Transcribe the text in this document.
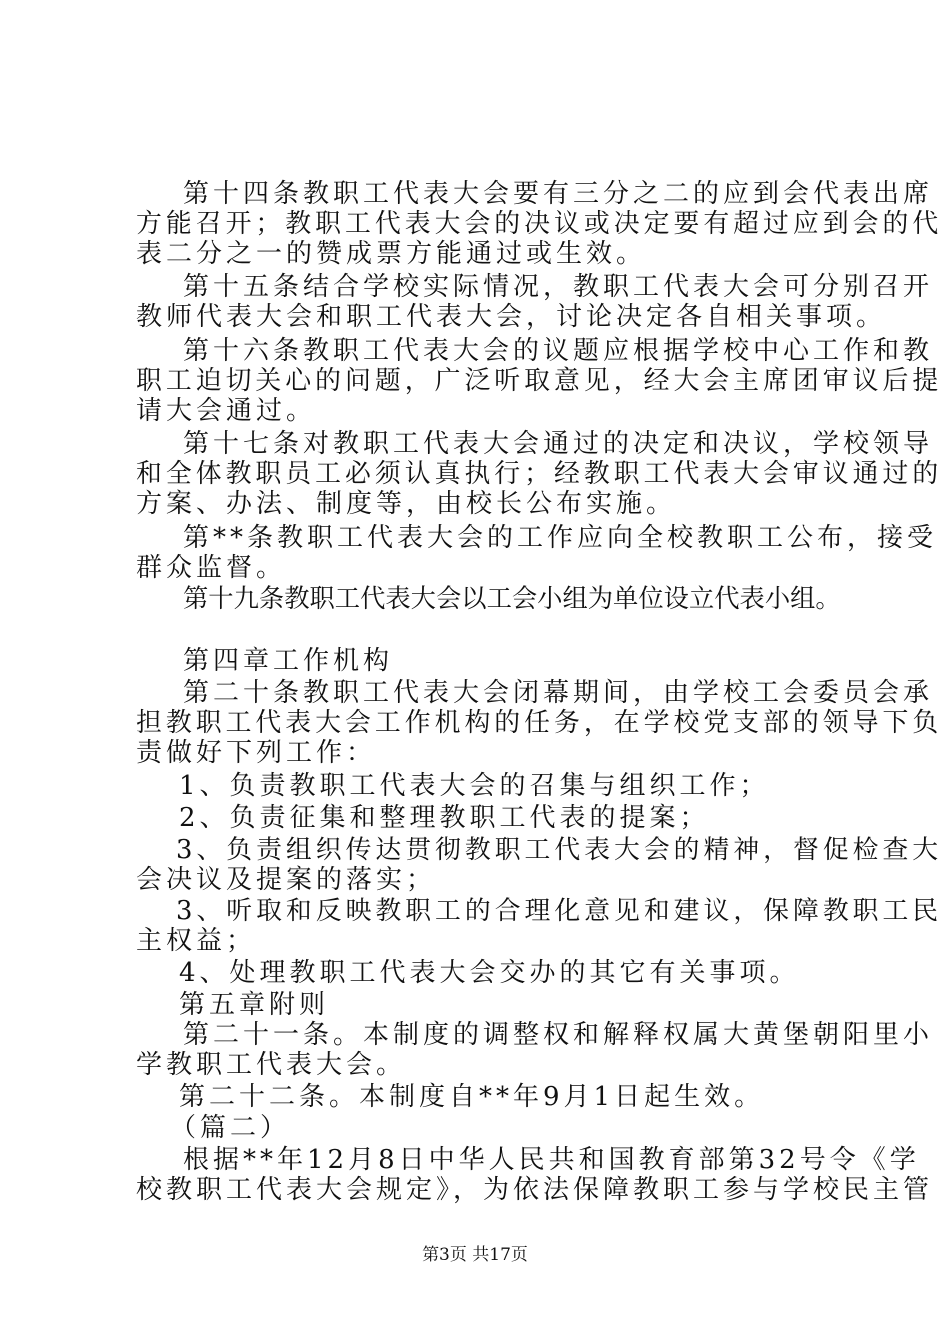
第十四条教职工代表大会要有三分之二的应到会代表出席

方能召开；教职工代表大会的决议或决定要有超过应到会的代

表二分之一的赞成票方能通过或生效。

第十五条结合学校实际情况，教职工代表大会可分别召开

教师代表大会和职工代表大会，讨论决定各自相关事项。

第十六条教职工代表大会的议题应根据学校中心工作和教

职工迫切关心的问题，广泛听取意见，经大会主席团审议后提

请大会通过。

第十七条对教职工代表大会通过的决定和决议，学校领导

和全体教职员工必须认真执行；经教职工代表大会审议通过的

方案、办法、制度等，由校长公布实施。

第**条教职工代表大会的工作应向全校教职工公布，接受

群众监督。

第十九条教职工代表大会以工会小组为单位设立代表小组。

第四章工作机构

第二十条教职工代表大会闭幕期间，由学校工会委员会承

担教职工代表大会工作机构的任务，在学校党支部的领导下负

责做好下列工作：

1、负责教职工代表大会的召集与组织工作；

2、负责征集和整理教职工代表的提案；

3、负责组织传达贯彻教职工代表大会的精神，督促检查大

会决议及提案的落实；

3、听取和反映教职工的合理化意见和建议，保障教职工民

主权益；

4、处理教职工代表大会交办的其它有关事项。

第五章附则

第二十一条。本制度的调整权和解释权属大黄堡朝阳里小

学教职工代表大会。

第二十二条。本制度自**年9月1日起生效。

（篇二）

根据**年12月8日中华人民共和国教育部第32号令《学

校教职工代表大会规定》，为依法保障教职工参与学校民主管

第3页 共17页
